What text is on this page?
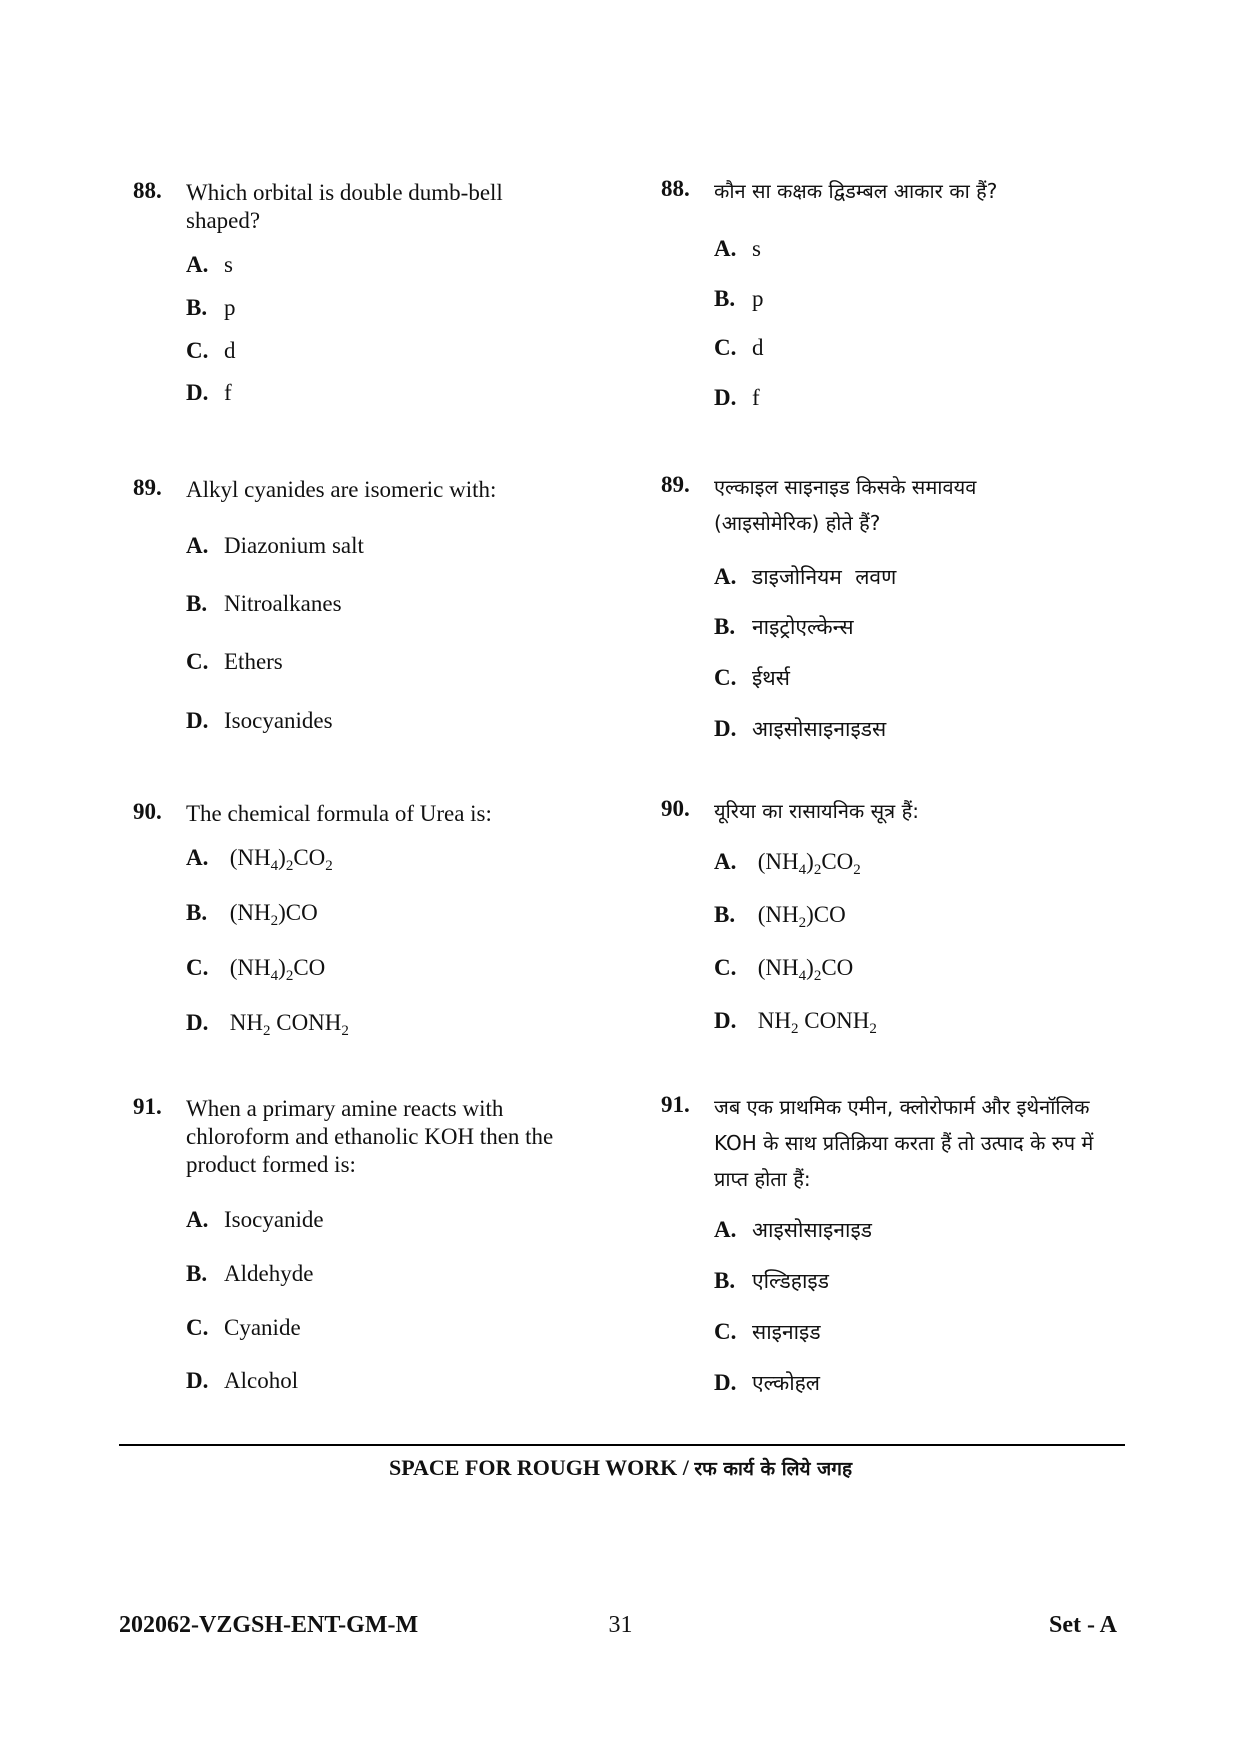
88. Which orbital is double dumb-bell shaped?
A. s
B. p
C. d
D. f
89. Alkyl cyanides are isomeric with:
A. Diazonium salt
B. Nitroalkanes
C. Ethers
D. Isocyanides
90. The chemical formula of Urea is:
A. $(NH_4)_2CO_2$
B. $(NH_2)CO$
C. $(NH_4)_2CO$
D. $NH_2$ $CONH_2$
91. When a primary amine reacts with chloroform and ethanolic KOH then the product formed is:
A. Isocyanide
B. Aldehyde
C. Cyanide
D. Alcohol
88. कौन सा कक्षक द्विडम्बल आकार का हैं?
A. s
B. p
C. d
D. f
89. एल्काइल साइनाइड किसके समावयव (आइसोमेरिक) होते हैं?
A. डाइजोनियम  लवण
B. नाइट्रोएल्केन्स
C. ईथर्स
D. आइसोसाइनाइडस
90. यूरिया का रासायनिक सूत्र हैं:
A. $(NH_4)_2CO_2$
B. $(NH_2)CO$
C. $(NH_4)_2CO$
D. $NH_2$ $CONH_2$
91. जब एक प्राथमिक एमीन, क्लोरोफार्म और इथेनॉलिक KOH के साथ प्रतिक्रिया करता हैं तो उत्पाद के रुप में प्राप्त होता हैं:
A. आइसोसाइनाइड
B. एल्डिहाइड
C. साइनाइड
D. एल्कोहल
SPACE FOR ROUGH WORK / रफ कार्य के लिये जगह
202062-VZGSH-ENT-GM-M	31	Set - A
